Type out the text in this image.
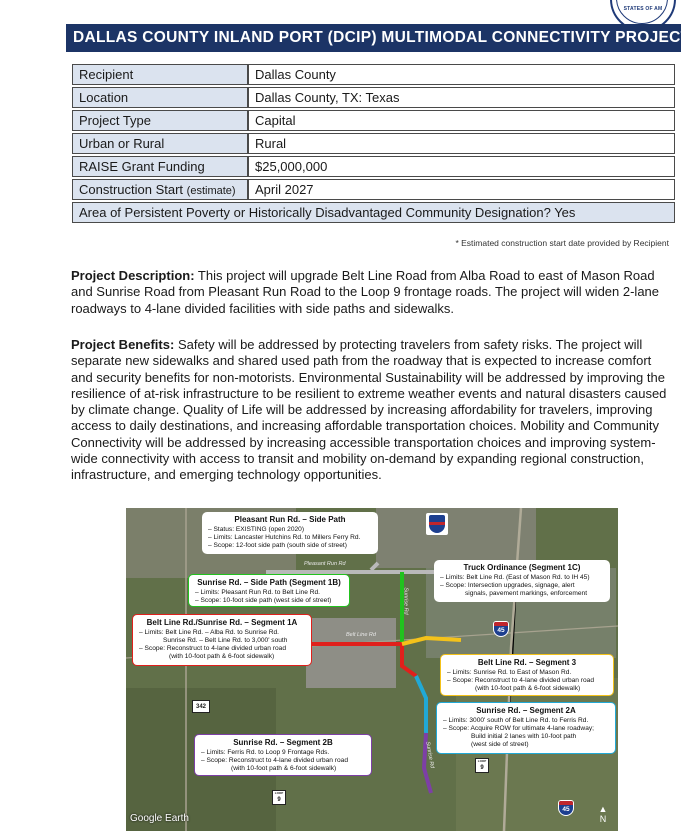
STATES OF AM
DALLAS COUNTY INLAND PORT (DCIP) MULTIMODAL CONNECTIVITY PROJECT
Recipient	Dallas County
Location	Dallas County, TX: Texas
Project Type	Capital
Urban or Rural	Rural
RAISE Grant Funding	$25,000,000
Construction Start (estimate)	April 2027
Area of Persistent Poverty or Historically Disadvantaged Community Designation? Yes	
* Estimated construction start date provided by Recipient
Project Description: This project will upgrade Belt Line Road from Alba Road to east of Mason Road and Sunrise Road from Pleasant Run Road to the Loop 9 frontage roads. The project will widen 2-lane roadways to 4-lane divided facilities with side paths and sidewalks.
Project Benefits: Safety will be addressed by protecting travelers from safety risks. The project will separate new sidewalks and shared used path from the roadway that is expected to increase comfort and security benefits for non-motorists. Environmental Sustainability will be addressed by improving the resilience of at-risk infrastructure to be resilient to extreme weather events and natural disasters caused by climate change. Quality of Life will be addressed by increasing affordability for travelers, improving access to daily destinations, and increasing affordable transportation choices. Mobility and Community Connectivity will be addressed by increasing accessible transportation choices and improving system-wide connectivity with access to transit and mobility on-demand by expanding regional construction, infrastructure, and emerging technology opportunities.
Pleasant Run Rd
Belt Line Rd
Sunrise Rd
Sunrise Rd
Pleasant Run Rd. – Side Path
– Status: EXISTING (open 2020)
– Limits: Lancaster Hutchins Rd. to Millers Ferry Rd.
– Scope: 12-foot side path (south side of street)
Truck Ordinance (Segment 1C)
– Limits: Belt Line Rd. (East of Mason Rd. to IH 45)
– Scope: Intersection upgrades, signage, alert
signals, pavement markings, enforcement
Sunrise Rd. – Side Path (Segment 1B)
– Limits: Pleasant Run Rd. to Belt Line Rd.
– Scope: 10-foot side path (west side of street)
Belt Line Rd./Sunrise Rd. – Segment 1A
– Limits: Belt Line Rd. – Alba Rd. to Sunrise Rd.
Sunrise Rd. – Belt Line Rd. to 3,000' south
– Scope: Reconstruct to 4-lane divided urban road
(with 10-foot path & 6-foot sidewalk)
Belt Line Rd. – Segment 3
– Limits: Sunrise Rd. to East of Mason Rd.
– Scope: Reconstruct to 4-lane divided urban road
(with 10-foot path & 6-foot sidewalk)
Sunrise Rd. – Segment 2A
– Limits: 3000' south of Belt Line Rd. to Ferris Rd.
– Scope: Acquire ROW for ultimate 4-lane roadway;
Build initial 2 lanes with 10-foot path
(west side of street)
Sunrise Rd. – Segment 2B
– Limits: Ferris Rd. to Loop 9 Frontage Rds.
– Scope: Reconstruct to 4-lane divided urban road
(with 10-foot path & 6-foot sidewalk)
45
45
342
LOOP
9
LOOP
9
Google Earth
▲
N
